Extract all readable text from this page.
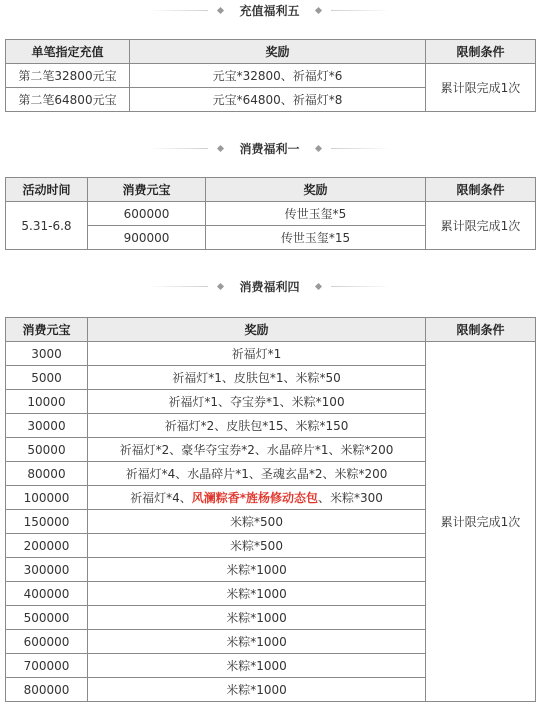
充值福利五
单笔指定充值	奖励	限制条件
第二笔32800元宝	元宝*32800、祈福灯*6	累计限完成1次
第二笔64800元宝	元宝*64800、祈福灯*8	
消费福利一
活动时间	消费元宝	奖励	限制条件
5.31-6.8	600000	传世玉玺*5	累计限完成1次
	900000	传世玉玺*15	
消费福利四
消费元宝	奖励	限制条件
3000	祈福灯*1	累计限完成1次
5000	祈福灯*1、皮肤包*1、米粽*50	
10000	祈福灯*1、夺宝券*1、米粽*100	
30000	祈福灯*2、皮肤包*15、米粽*150	
50000	祈福灯*2、豪华夺宝券*2、水晶碎片*1、米粽*200	
80000	祈福灯*4、水晶碎片*1、圣魂玄晶*2、米粽*200	
100000	祈福灯*4、风澜粽香*旌杨修动态包、米粽*300	
150000	米粽*500	
200000	米粽*500	
300000	米粽*1000	
400000	米粽*1000	
500000	米粽*1000	
600000	米粽*1000	
700000	米粽*1000	
800000	米粽*1000	
